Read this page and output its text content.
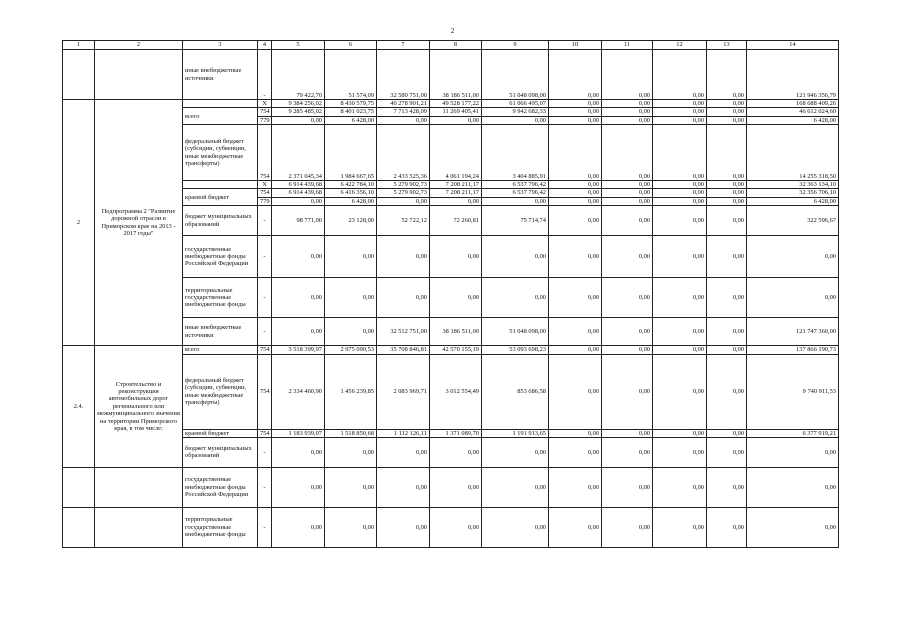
2
1	2	3	4	5	6	7	8	9	10	11	12	13	14
		иные внебюджетные источники	-	79 422,70	51 574,09	32 580 751,00	38 186 511,00	51 048 098,00	0,00	0,00	0,00	0,00	121 946 356,79
2	Подпрограмма 2 "Развитие дорожной отрасли в Приморском крае на 2013 - 2017 годы"		X	9 384 256,02	8 430 579,75	40 278 901,21	49 528 177,22	61 066 495,07	0,00	0,00	0,00	0,00	168 688 409,26
		всего	754	9 285 485,02	8 401 023,75	7 713 428,09	11 269 405,41	9 942 682,33	0,00	0,00	0,00	0,00	46 612 024,60
			779	0,00	6 428,00	0,00	0,00	0,00	0,00	0,00	0,00	0,00	6 428,00
		федеральный бюджет (субсидии, субвенции, иные межбюджетные трансферты)	754	2 371 045,34	1 984 667,65	2 433 525,36	4 061 194,24	3 404 885,91	0,00	0,00	0,00	0,00	14 255 318,50
			X	6 914 439,68	6 422 784,10	5 279 902,73	7 208 211,17	6 537 796,42	0,00	0,00	0,00	0,00	32 363 134,10
		краевой бюджет	754	6 914 439,68	6 416 356,10	5 279 902,73	7 208 211,17	6 537 796,42	0,00	0,00	0,00	0,00	32 356 706,10
			779	0,00	6 428,00	0,00	0,00	0,00	0,00	0,00	0,00	0,00	6 428,00
		бюджет муниципальных образований	-	98 771,00	23 128,00	52 722,12	72 260,81	75 714,74	0,00	0,00	0,00	0,00	322 596,67
		государственные внебюджетные фонды Российской Федерации	-	0,00	0,00	0,00	0,00	0,00	0,00	0,00	0,00	0,00	0,00
		территориальные государственные внебюджетные фонды	-	0,00	0,00	0,00	0,00	0,00	0,00	0,00	0,00	0,00	0,00
		иные внебюджетные источники	-	0,00	0,00	32 512 751,00	38 186 511,00	51 048 098,00	0,00	0,00	0,00	0,00	121 747 360,00
2.4.	Строительство и реконструкция автомобильных дорог регионального или межмуниципального значения на территории Приморского края, в том числе:	всего	754	3 518 399,97	2 975 090,53	35 708 846,81	42 570 155,19	53 093 698,23	0,00	0,00	0,00	0,00	137 866 190,73
		федеральный бюджет (субсидии, субвенции, иные межбюджетные трансферты)	754	2 334 460,90	1 456 239,85	2 083 969,71	3 012 554,49	853 686,58	0,00	0,00	0,00	0,00	9 740 911,53
		краевой бюджет	754	1 183 939,07	1 518 850,68	1 112 126,11	1 371 089,70	1 191 913,65	0,00	0,00	0,00	0,00	6 377 919,21
		бюджет муниципальных образований	-	0,00	0,00	0,00	0,00	0,00	0,00	0,00	0,00	0,00	0,00
		государственные внебюджетные фонды Российской Федерации	-	0,00	0,00	0,00	0,00	0,00	0,00	0,00	0,00	0,00	0,00
		территориальные государственные внебюджетные фонды	-	0,00	0,00	0,00	0,00	0,00	0,00	0,00	0,00	0,00	0,00
